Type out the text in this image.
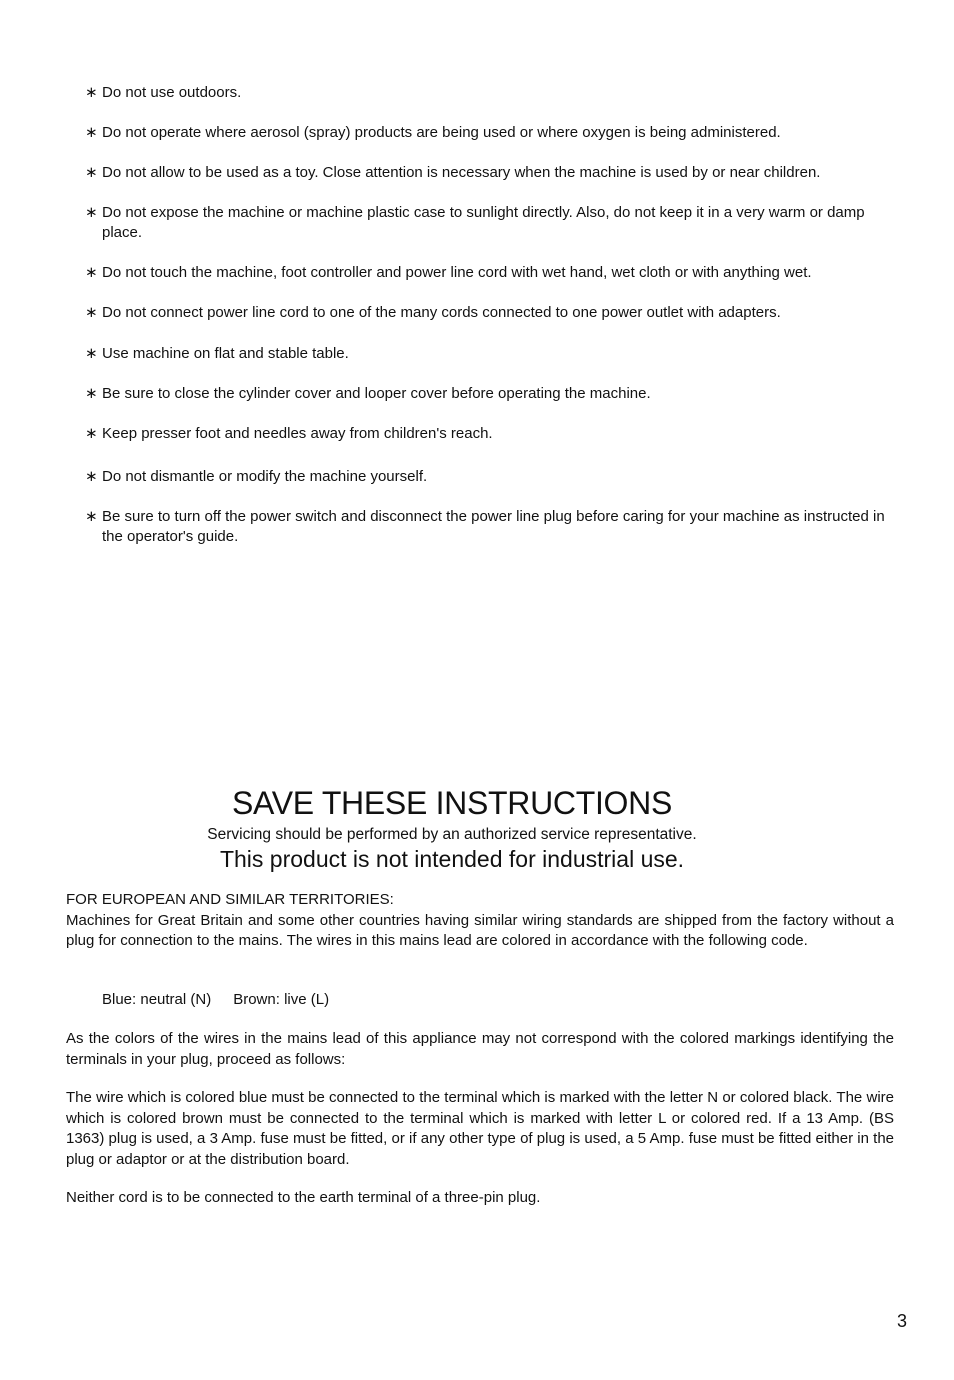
∗ Do not use outdoors.
∗ Do not operate where aerosol (spray) products are being used or where oxygen is being administered.
∗ Do not allow to be used as a toy. Close attention is necessary when the machine is used by or near children.
∗ Do not expose the machine or machine plastic case to sunlight directly. Also, do not keep it in a very warm or damp place.
∗ Do not touch the machine, foot controller and power line cord with wet hand, wet cloth or with anything wet.
∗ Do not connect power line cord to one of the many cords connected to one power outlet with adapters.
∗ Use machine on flat and stable table.
∗ Be sure to close the cylinder cover and looper cover before operating the machine.
∗ Keep presser foot and needles away from children's reach.
∗ Do not dismantle or modify the machine yourself.
∗ Be sure to turn off the power switch and disconnect the power line plug before caring for your machine as instructed in the operator's guide.
SAVE THESE INSTRUCTIONS
Servicing should be performed by an authorized service representative.
This product is not intended for industrial use.
FOR EUROPEAN AND SIMILAR TERRITORIES:

Machines for Great Britain and some other countries having similar wiring standards are shipped from the factory without a plug for connection to the mains. The wires in this mains lead are colored in accordance with the following code.

Blue: neutral (N) Brown: live (L)

As the colors of the wires in the mains lead of this appliance may not correspond with the colored markings identifying the terminals in your plug, proceed as follows:

The wire which is colored blue must be connected to the terminal which is marked with the letter N or colored black. The wire which is colored brown must be connected to the terminal which is marked with letter L or colored red. If a 13 Amp. (BS 1363) plug is used, a 3 Amp. fuse must be fitted, or if any other type of plug is used, a 5 Amp. fuse must be fitted either in the plug or adaptor or at the distribution board.

Neither cord is to be connected to the earth terminal of a three-pin plug.

3
